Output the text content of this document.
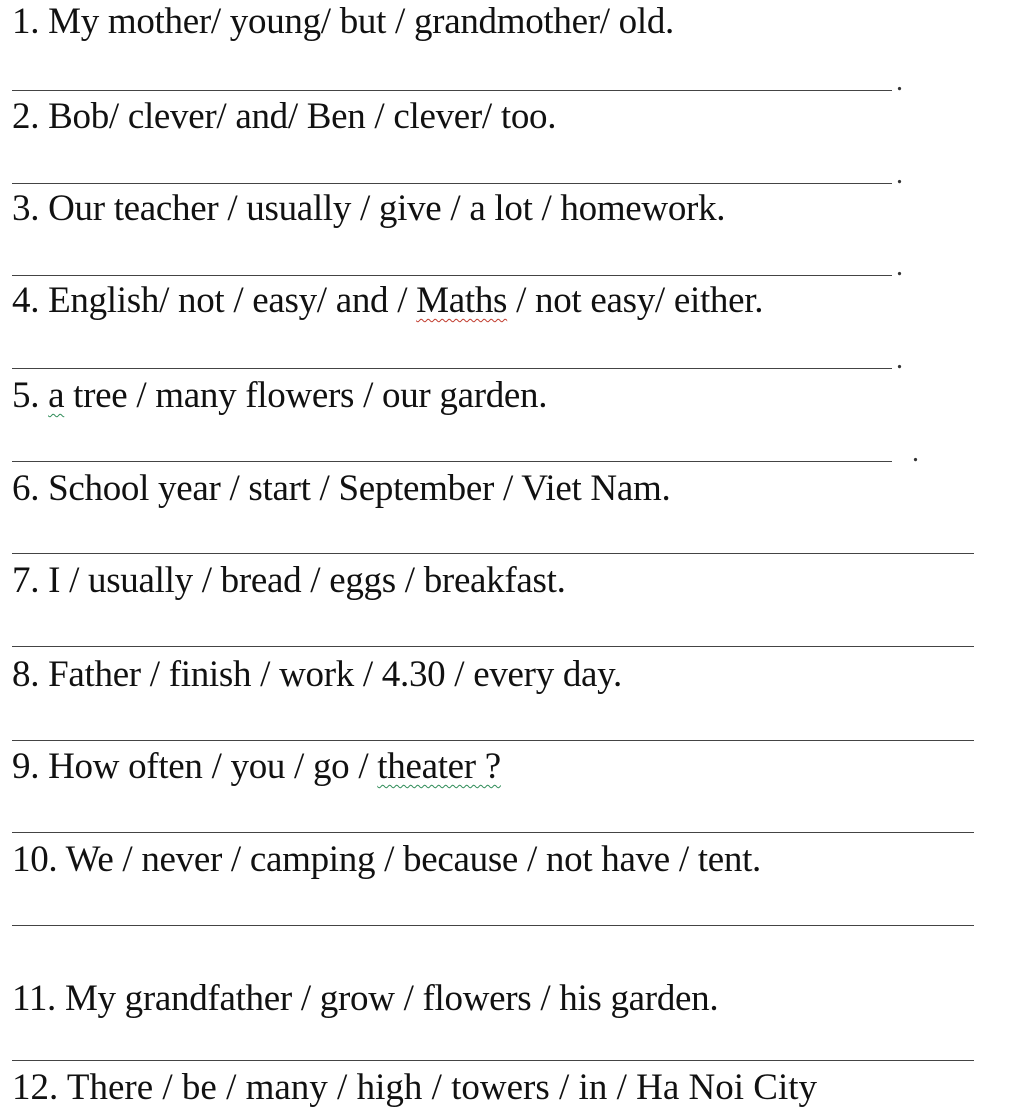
1. My mother/ young/ but / grandmother/ old.
.
2. Bob/ clever/ and/ Ben / clever/ too.
.
3. Our teacher / usually / give / a lot / homework.
.
4. English/ not / easy/ and / Maths / not easy/ either.
.
5. a tree / many flowers / our garden.
.
6. School year / start / September / Viet Nam.
7. I / usually / bread / eggs / breakfast.
8. Father / finish / work / 4.30 / every day.
9. How often / you / go / theater ?
10. We / never / camping / because / not have / tent.
11. My grandfather / grow / flowers / his garden.
12. There / be / many / high / towers / in / Ha Noi City
